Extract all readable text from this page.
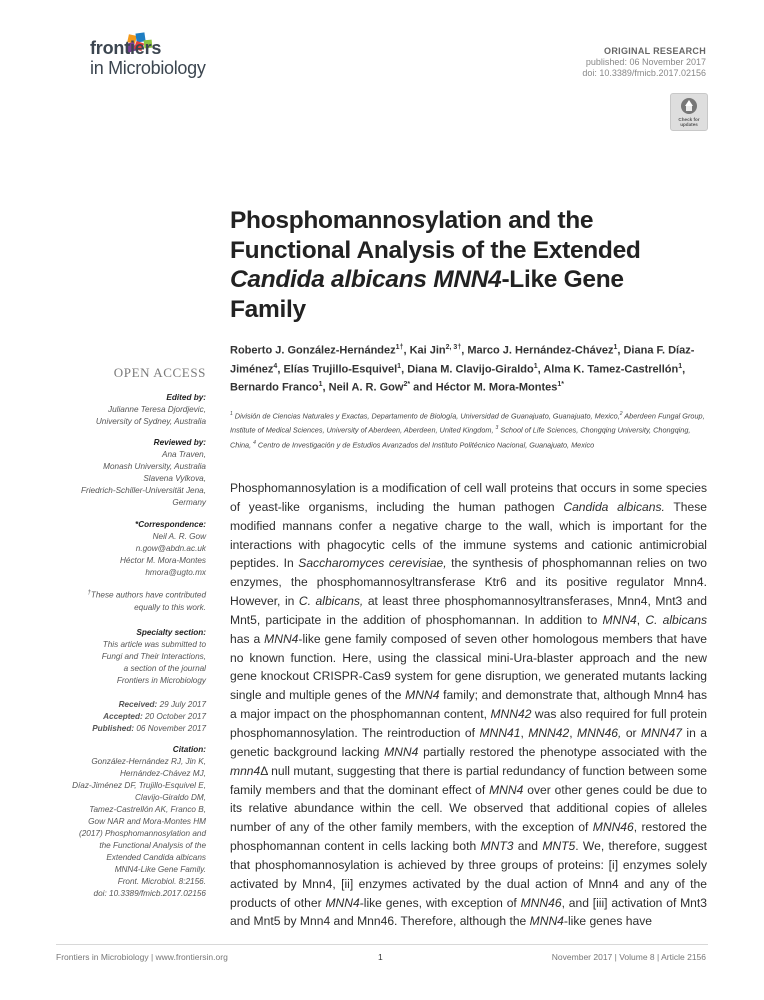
frontiers
in Microbiology
ORIGINAL RESEARCH
published: 06 November 2017
doi: 10.3389/fmicb.2017.02156
Check for
updates
Phosphomannosylation and the
Functional Analysis of the Extended
Candida albicans MNN4-Like Gene
Family
Roberto J. González-Hernández$^{1\dagger}$, Kai Jin$^{2, 3\dagger}$, Marco J. Hernández-Chávez$^1$, Diana F. Díaz-Jiménez$^4$, Elías Trujillo-Esquivel$^1$, Diana M. Clavijo-Giraldo$^1$, Alma K. Tamez-Castrellón$^1$, Bernardo Franco$^1$, Neil A. R. Gow$^{2*}$ and Héctor M. Mora-Montes$^{1*}$
$^1$ División de Ciencias Naturales y Exactas, Departamento de Biología, Universidad de Guanajuato, Guanajuato, Mexico,$^2$ Aberdeen Fungal Group, Institute of Medical Sciences, University of Aberdeen, Aberdeen, United Kingdom, $^3$ School of Life Sciences, Chongqing University, Chongqing, China, $^4$ Centro de Investigación y de Estudios Avanzados del Instituto Politécnico Nacional, Guanajuato, Mexico
OPEN ACCESS
Edited by:
Julianne Teresa Djordjevic,
University of Sydney, Australia
Reviewed by:
Ana Traven,
Monash University, Australia
Slavena Vylkova,
Friedrich-Schiller-Universität Jena,
Germany
*Correspondence:
Neil A. R. Gow
n.gow@abdn.ac.uk
Héctor M. Mora-Montes
hmora@ugto.mx
†These authors have contributed
equally to this work.
Specialty section:
This article was submitted to
Fungi and Their Interactions,
a section of the journal
Frontiers in Microbiology
Received: 29 July 2017
Accepted: 20 October 2017
Published: 06 November 2017
Citation:
González-Hernández RJ, Jin K,
Hernández-Chávez MJ,
Díaz-Jiménez DF, Trujillo-Esquivel E,
Clavijo-Giraldo DM,
Tamez-Castrellón AK, Franco B,
Gow NAR and Mora-Montes HM
(2017) Phosphomannosylation and
the Functional Analysis of the
Extended Candida albicans
MNN4-Like Gene Family.
Front. Microbiol. 8:2156.
doi: 10.3389/fmicb.2017.02156
Phosphomannosylation is a modification of cell wall proteins that occurs in some species of yeast-like organisms, including the human pathogen Candida albicans. These modified mannans confer a negative charge to the wall, which is important for the interactions with phagocytic cells of the immune systems and cationic antimicrobial peptides. In Saccharomyces cerevisiae, the synthesis of phosphomannan relies on two enzymes, the phosphomannosyltransferase Ktr6 and its positive regulator Mnn4. However, in C. albicans, at least three phosphomannosyltransferases, Mnn4, Mnt3 and Mnt5, participate in the addition of phosphomannan. In addition to MNN4, C. albicans has a MNN4-like gene family composed of seven other homologous members that have no known function. Here, using the classical mini-Ura-blaster approach and the new gene knockout CRISPR-Cas9 system for gene disruption, we generated mutants lacking single and multiple genes of the MNN4 family; and demonstrate that, although Mnn4 has a major impact on the phosphomannan content, MNN42 was also required for full protein phosphomannosylation. The reintroduction of MNN41, MNN42, MNN46, or MNN47 in a genetic background lacking MNN4 partially restored the phenotype associated with the mnn4Δ null mutant, suggesting that there is partial redundancy of function between some family members and that the dominant effect of MNN4 over other genes could be due to its relative abundance within the cell. We observed that additional copies of alleles number of any of the other family members, with the exception of MNN46, restored the phosphomannan content in cells lacking both MNT3 and MNT5. We, therefore, suggest that phosphomannosylation is achieved by three groups of proteins: [i] enzymes solely activated by Mnn4, [ii] enzymes activated by the dual action of Mnn4 and any of the products of other MNN4-like genes, with exception of MNN46, and [iii] activation of Mnt3 and Mnt5 by Mnn4 and Mnn46. Therefore, although the MNN4-like genes have
Frontiers in Microbiology | www.frontiersin.org	1	November 2017 | Volume 8 | Article 2156
